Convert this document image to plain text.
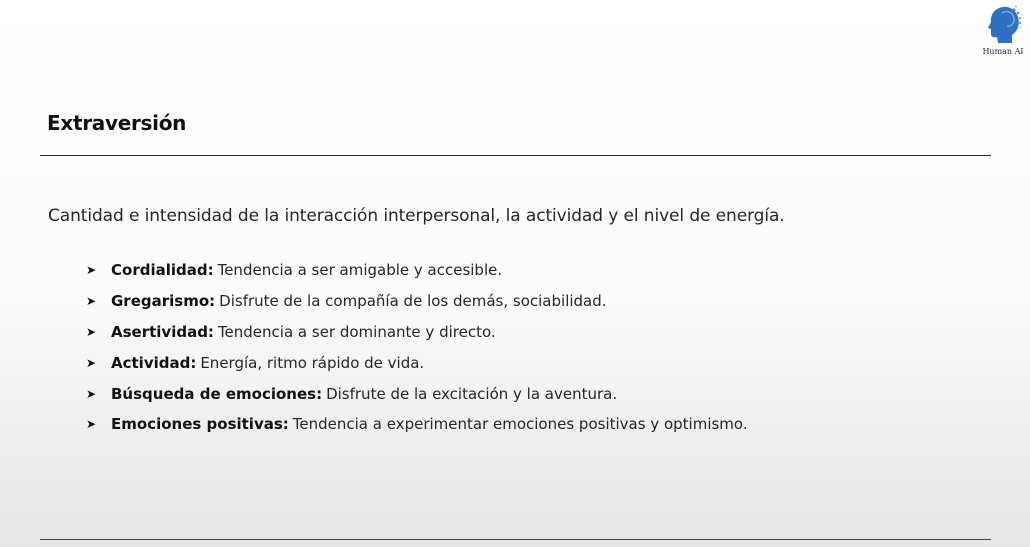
Human AI
Extraversión
Cantidad e intensidad de la interacción interpersonal, la actividad y el nivel de energía.
➤ Cordialidad: Tendencia a ser amigable y accesible.
➤ Gregarismo: Disfrute de la compañía de los demás, sociabilidad.
➤ Asertividad: Tendencia a ser dominante y directo.
➤ Actividad: Energía, ritmo rápido de vida.
➤ Búsqueda de emociones: Disfrute de la excitación y la aventura.
➤ Emociones positivas: Tendencia a experimentar emociones positivas y optimismo.
